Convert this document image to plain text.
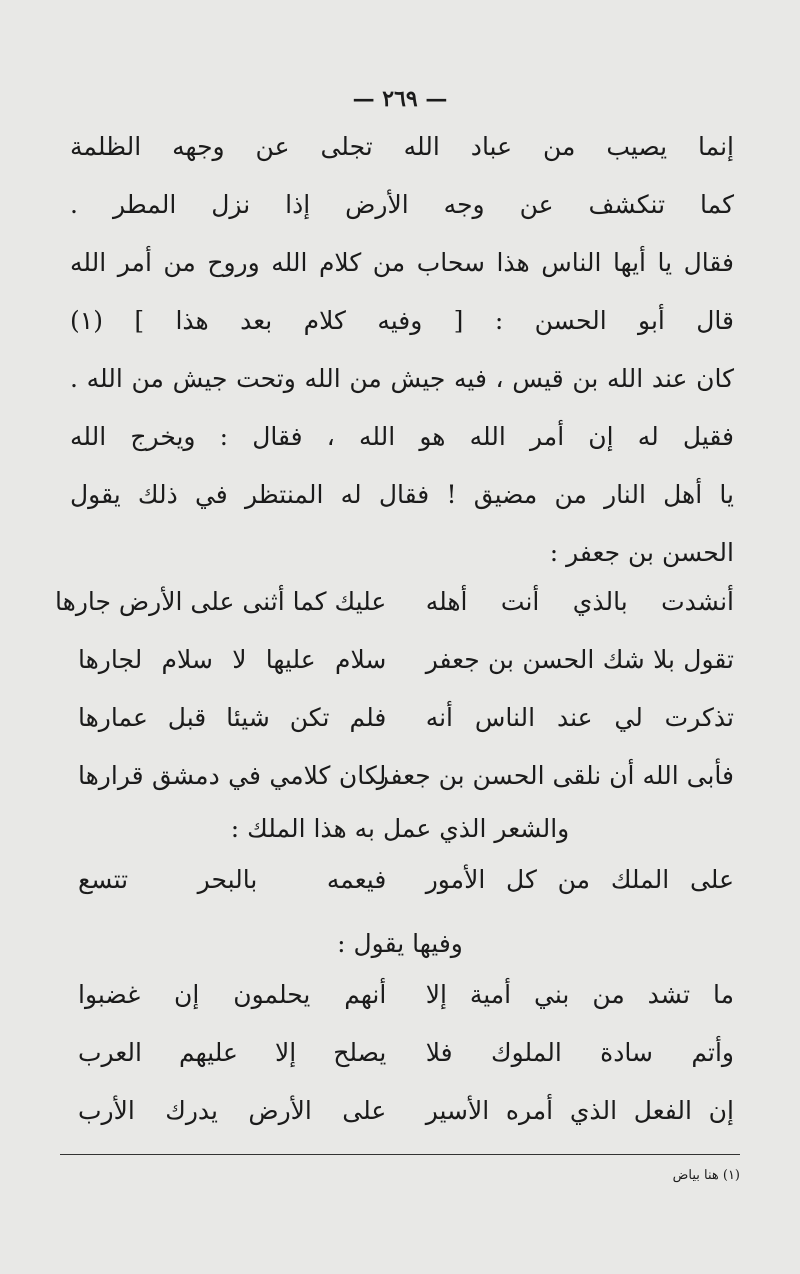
— ٢٦٩ —
إنما يصيب من عباد الله تجلى عن وجهه الظلمة
كما تنكشف عن وجه الأرض إذا نزل المطر .
فقال يا أيها الناس هذا سحاب من كلام الله وروح من أمر الله
قال أبو الحسن : [ وفيه كلام بعد هذا ] (١)
كان عند الله بن قيس ، فيه جيش من الله وتحت جيش من الله .
فقيل له إن أمر الله هو الله ، فقال : ويخرج الله
يا أهل النار من مضيق ! فقال له المنتظر في ذلك يقول
الحسن بن جعفر :
أنشدت بالذي أنت أهله
عليك كما أثنى على الأرض جارها
تقول بلا شك الحسن بن جعفر
سلام عليها لا سلام لجارها
تذكرت لي عند الناس أنه
فلم تكن شيئا قبل عمارها
فأبى الله أن نلقى الحسن بن جعفر
لكان كلامي في دمشق قرارها
والشعر الذي عمل به هذا الملك :
على الملك من كل الأمور
فيعمه بالبحر تتسع
وفيها يقول :
ما تشد من بني أمية إلا
أنهم يحلمون إن غضبوا
وأتم سادة الملوك فلا
يصلح إلا عليهم العرب
إن الفعل الذي أمره الأسير
على الأرض يدرك الأرب
(١) هنا بياض
